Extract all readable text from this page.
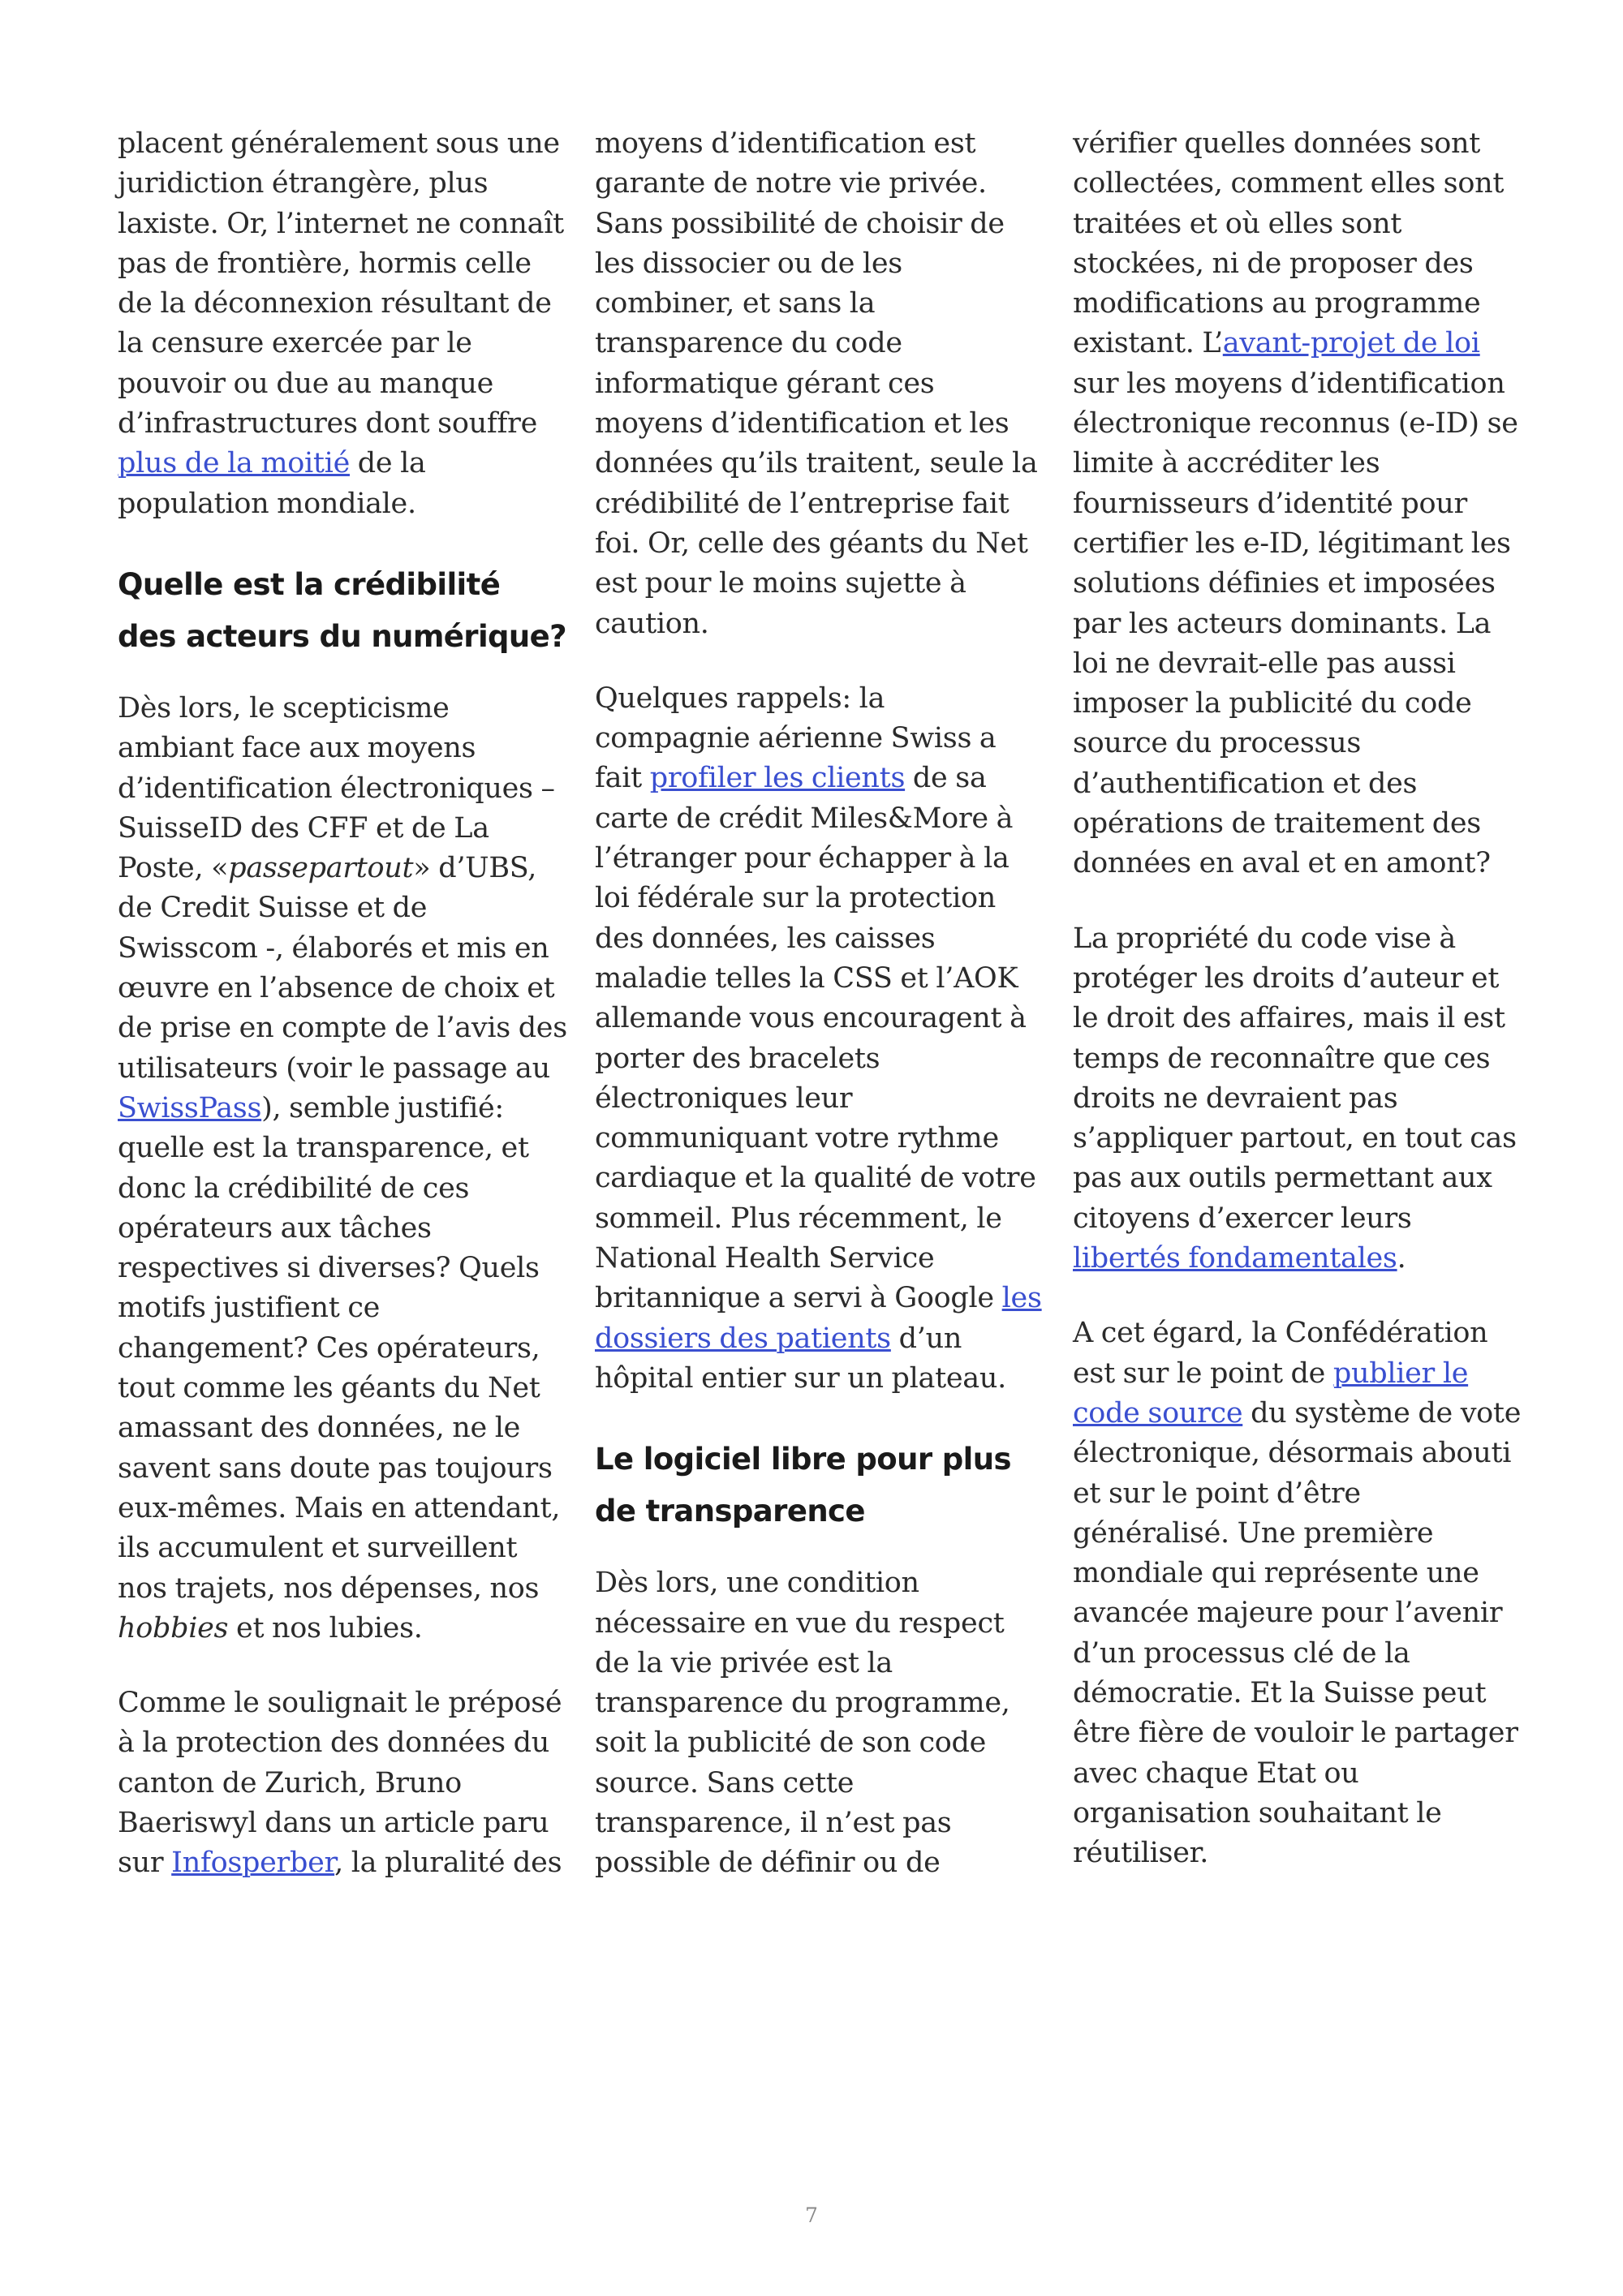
placent généralement sous une juridiction étrangère, plus laxiste. Or, l’internet ne connaît pas de frontière, hormis celle de la déconnexion résultant de la censure exercée par le pouvoir ou due au manque d’infrastructures dont souffre plus de la moitié de la population mondiale.

Quelle est la crédibilité des acteurs du numérique?

Dès lors, le scepticisme ambiant face aux moyens d’identification électroniques – SuisseID des CFF et de La Poste, «passepartout» d’UBS, de Credit Suisse et de Swisscom -, élaborés et mis en œuvre en l’absence de choix et de prise en compte de l’avis des utilisateurs (voir le passage au SwissPass), semble justifié: quelle est la transparence, et donc la crédibilité de ces opérateurs aux tâches respectives si diverses? Quels motifs justifient ce changement? Ces opérateurs, tout comme les géants du Net amassant des données, ne le savent sans doute pas toujours eux-mêmes. Mais en attendant, ils accumulent et surveillent nos trajets, nos dépenses, nos hobbies et nos lubies.

Comme le soulignait le préposé à la protection des données du canton de Zurich, Bruno Baeriswyl dans un article paru sur Infosperber, la pluralité des

moyens d’identification est garante de notre vie privée. Sans possibilité de choisir de les dissocier ou de les combiner, et sans la transparence du code informatique gérant ces moyens d’identification et les données qu’ils traitent, seule la crédibilité de l’entreprise fait foi. Or, celle des géants du Net est pour le moins sujette à caution.

Quelques rappels: la compagnie aérienne Swiss a fait profiler les clients de sa carte de crédit Miles&More à l’étranger pour échapper à la loi fédérale sur la protection des données, les caisses maladie telles la CSS et l’AOK allemande vous encouragent à porter des bracelets électroniques leur communiquant votre rythme cardiaque et la qualité de votre sommeil. Plus récemment, le National Health Service britannique a servi à Google les dossiers des patients d’un hôpital entier sur un plateau.

Le logiciel libre pour plus de transparence

Dès lors, une condition nécessaire en vue du respect de la vie privée est la transparence du programme, soit la publicité de son code source. Sans cette transparence, il n’est pas possible de définir ou de

vérifier quelles données sont collectées, comment elles sont traitées et où elles sont stockées, ni de proposer des modifications au programme existant. L’avant-projet de loi sur les moyens d’identification électronique reconnus (e-ID) se limite à accréditer les fournisseurs d’identité pour certifier les e-ID, légitimant les solutions définies et imposées par les acteurs dominants. La loi ne devrait-elle pas aussi imposer la publicité du code source du processus d’authentification et des opérations de traitement des données en aval et en amont?

La propriété du code vise à protéger les droits d’auteur et le droit des affaires, mais il est temps de reconnaître que ces droits ne devraient pas s’appliquer partout, en tout cas pas aux outils permettant aux citoyens d’exercer leurs libertés fondamentales.

A cet égard, la Confédération est sur le point de publier le code source du système de vote électronique, désormais abouti et sur le point d’être généralisé. Une première mondiale qui représente une avancée majeure pour l’avenir d’un processus clé de la démocratie. Et la Suisse peut être fière de vouloir le partager avec chaque Etat ou organisation souhaitant le réutiliser.

7
